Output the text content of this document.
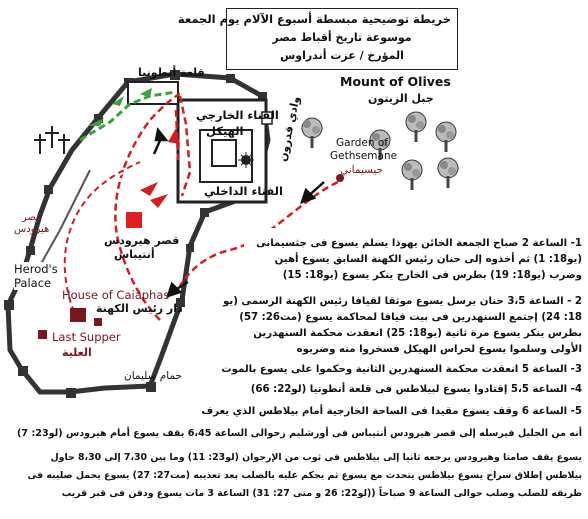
خريطة توضيحية مبسطة أسبوع الآلام يوم الجمعة
موسوعة تاريخ أقباط مصر
المؤرخ / عزت أندراوس
Mount of Olives
جبل الزيتون
Garden of
Gethsemane
جيسيماني
وادي قدرون
قلعة أنطونيا
الفناء الخارجي
الهيكل
الفناء الداخلي
قصر
هيرودس
قصر هيرودس
أنتيباس
Herod's
Palace
House of Caiaphas
دار رئيس الكهنة
Last Supper
العلية
حمام سليمان
1- الساعة 2 صباح الجمعة الخائن يهوذا يسلم يسوع فى جثسيمانى
(يو18: 1) ثم أخذوه إلى حنان رئيس الكهنة السابق يسوع أهين
وضرب (يو18: 19) بطرس فى الخارج ينكر يسوع (يو18: 15)
2 - الساعة 3،5 حنان يرسل يسوع موثقا لقيافا رئيس الكهنة الرسمى (يو
18: 24) إجتمع السنهدرين فى بيت قيافا لمحاكمة يسوع (مت26: 57)
بطرس ينكر يسوع مرة ثانية (يو18: 25) انعقدت محكمة السنهدرين
الأولى وسلموا يسوع لحراس الهيكل فسخروا منه وضربوه
3- الساعة 5 انعقدت محكمة السنهدرين الثانية وحكموا على يسوع بالموت
4- الساعة 5،5 إقتادوا يسوع لبيلاطس فى قلعة أنطونيا (لو22: 66)
5- الساعة 6 وقف يسوع مقيدا فى الساحة الخارجية أمام بيلاطس الذي يعرف
أنه من الجليل فيرسله إلى قصر هيرودس أنتيباس فى أورشليم زحوالى الساعة 6،45 يقف يسوع أمام هيرودس (لو23: 7)
يسوع يقف صامتا وهيرودس يرجعه ثانيا إلى بيلاطس فى ثوب من الإرجوان (لو23: 11) وما بين 7،30 إلى 8،30 حاول
بيلاطس إطلاق سراح يسوع بيلاطس يتحدث مع يسوع ثم يحكم عليه بالصلب بعد تعذيبه (مت27: 27) يسوع يحمل صليبه فى
طريقه للصلب وصلب حوالى الساعة 9 صباحاً ((لو22: 26 و متى 27: 31) الساعة 3 مات يسوع ودفن فى قبر قريب
